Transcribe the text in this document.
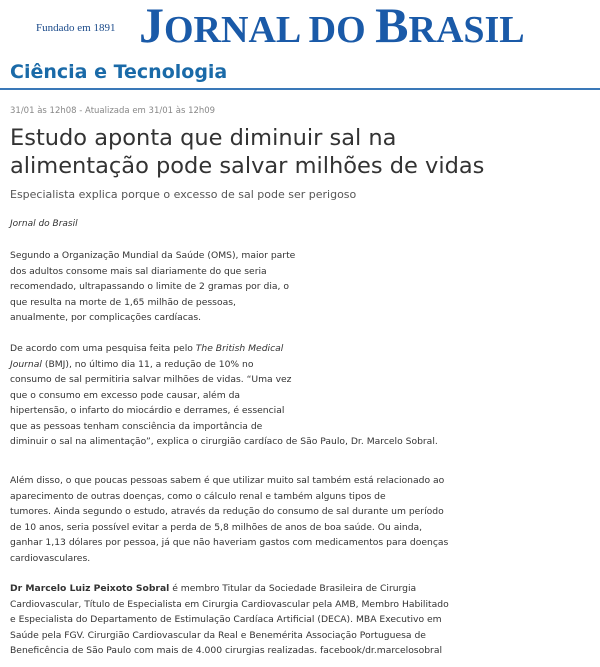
Fundado em 1891 JORNAL DO BRASIL
Ciência e Tecnologia
31/01 às 12h08 - Atualizada em 31/01 às 12h09
Estudo aponta que diminuir sal na
alimentação pode salvar milhões de vidas
Especialista explica porque o excesso de sal pode ser perigoso
Jornal do Brasil

Segundo a Organização Mundial da Saúde (OMS), maior parte
dos adultos consome mais sal diariamente do que seria
recomendado, ultrapassando o limite de 2 gramas por dia, o
que resulta na morte de 1,65 milhão de pessoas,
anualmente, por complicações cardíacas.

De acordo com uma pesquisa feita pelo The British Medical
Journal (BMJ), no último dia 11, a redução de 10% no
consumo de sal permitiria salvar milhões de vidas. “Uma vez
que o consumo em excesso pode causar, além da
hipertensão, o infarto do miocárdio e derrames, é essencial
que as pessoas tenham consciência da importância de
diminuir o sal na alimentação”, explica o cirurgião cardíaco de São Paulo, Dr. Marcelo Sobral.

Além disso, o que poucas pessoas sabem é que utilizar muito sal também está relacionado ao
aparecimento de outras doenças, como o cálculo renal e também alguns tipos de
tumores. Ainda segundo o estudo, através da redução do consumo de sal durante um período
de 10 anos, seria possível evitar a perda de 5,8 milhões de anos de boa saúde. Ou ainda,
ganhar 1,13 dólares por pessoa, já que não haveriam gastos com medicamentos para doenças
cardiovasculares.

Dr Marcelo Luiz Peixoto Sobral é membro Titular da Sociedade Brasileira de Cirurgia
Cardiovascular, Título de Especialista em Cirurgia Cardiovascular pela AMB, Membro Habilitado
e Especialista do Departamento de Estimulação Cardíaca Artificial (DECA). MBA Executivo em
Saúde pela FGV. Cirurgião Cardiovascular da Real e Benemérita Associação Portuguesa de
Beneficência de São Paulo com mais de 4.000 cirurgias realizadas. facebook/dr.marcelosobral
